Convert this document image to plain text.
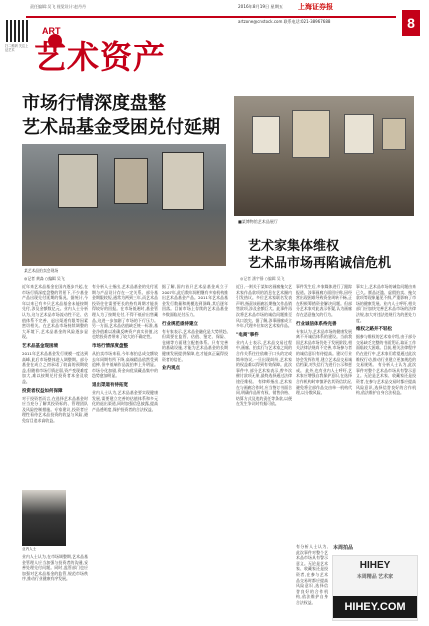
责任编辑:吴飞 视觉设计:赵丹丹	2016年8月19日 星期五 上海证券报
8
artzone@cnstock.com 联系电话:021-38967688
扫二维码 关注上证艺术
ART
艺术资产
市场行情深度盘整
艺术品基金受困兑付延期
某艺术品拍卖会现场
◎记者 黄淼 ○编辑 吴飞
近年来艺术品基金在国内逐步兴起,在市场行情深度盘整的背景下,不少基金产品出现兑付延期的情况。据统计,今年以来已有多只艺术品基金未能按期兑付,涉及金额数亿元。业内人士分析认为,这与艺术品市场流动性不足、估值体系不完善、退出渠道有限等因素密切相关。在艺术品市场持续调整的大环境下,艺术品基金的风险逐步显现。
艺术品基金现困境
2011年艺术品基金发行规模一度达到高峰,此后市场整体进入调整期。部分基金在成立之初承诺了较高的预期收益,但随着市场行情走弱,资产变现难度加大,难以按期兑付投资者本金及收益。
投资者权益如何保障
对于投资者而言,在选择艺术品基金时应当充分了解其投资标的、管理团队及风险控制措施。专家建议,投资者应理性看待艺术品投资的收益与风险,避免盲目追求高收益。
业内人士
业内人士认为,在市场调整期,艺术品基金管理人应当加强与投资者的沟通,妥善处理兑付问题。同时,监管部门也应加强对艺术品基金的监管,规范市场秩序,推动行业健康有序发展。
有分析人士指出,艺术品基金的兑付延期与产品设计存在一定关系。部分基金期限较短,通常为两到三年,而艺术品投资往往需要更长的持有周期才能获得较好的回报。在市场低迷时,基金管理人为了按期兑付,不得不低价出售藏品,这进一步加剧了市场的下行压力。另一方面,艺术品估值缺乏统一标准,基金净值难以准确反映资产真实价值,这也给投资者带来了较大的不确定性。
市场行情深度盘整
从拍卖市场来看,今年春拍总成交额较去年同期有所下降,高端精品依然受到追捧,但中低端作品流拍率上升明显。市场分化加剧,资金向优质藏品集中的趋势愈加明显。
退出渠道有待拓宽
业内人士认为,艺术品基金要实现健康发展,需要建立完善的估值体系和多元化的退出渠道,同时加强信息披露,提高产品透明度,保护投资者的合法权益。
据了解,国内首只艺术品基金成立于2007年,此后数年间相继有多家机构推出艺术品基金产品。2011年艺术品基金发行数量和规模达到顶峰,其后逐年回落。目前市场上存续的艺术品基金多数面临兑付压力。
行业规范亟待建立
有专家表示,艺术品金融化是大势所趋,但需要在监管、估值、鉴定、保险、仓储等方面建立配套体系。只有完善的基础设施,才能为艺术品基金的长期健康发展提供保障,也才能真正赢得投资者的信任。
业内观点
■某博物馆艺术品展厅
艺术家集体维权
艺术品市场再陷诚信危机
◎记者 潘宇静 ○编辑 吴飞
近日,一则关于某知名画廊拖欠艺术家作品款项的消息在艺术圈内引发热议。多位艺术家联名发表声明,指责该画廊长期拖欠作品销售款项,涉及金额巨大。此事件再次将艺术品市场的诚信问题推至风口浪尖。据了解,涉事画廊成立多年,代理多位知名艺术家作品。
"电商"事件
业内人士表示,艺术品交易过程中,画廊、拍卖行与艺术家之间的合作关系往往依赖于口头约定或简单协议,一旦出现纠纷,艺术家的权益难以得到有效保障。此次事件中,部分艺术家表示,曾多次催讨款项无果,最终选择通过法律途径维权。 有律师指出,艺术家在与画廊合作时,应当签订书面合同,明确作品所有权、销售价格、结算方式及违约责任等条款,以便在发生争议时有据可依。
事件发生后,多家媒体进行了跟踪报道。涉事画廊方面回应称,因经营出现困难导致资金周转不畅,正在积极筹措资金解决问题。但部分艺术家对此表示怀疑,认为画廊存在恶意拖欠的行为。
行业诚信体系待完善
专家认为,艺术品市场的健康发展离不开诚信体系的建设。当前我国艺术品市场仍处于发展阶段,相关法律法规尚不完善,市场参与者的诚信意识有待提高。建议行业协会发挥作用,建立艺术品交易诚信档案,对失信行为进行公示和惩戒。 此外,也有业内人士呼吁,艺术家应增强自我保护意识,在选择合作机构时审慎评估其资信状况,避免将全部作品交由单一机构代理,以分散风险。
事实上,艺术品市场的诚信问题由来已久。赝品泛滥、虚假拍卖、拖欠款项等现象屡见不鲜,严重影响了市场的健康发展。业内人士呼吁,相关部门应加快完善艺术品市场的法律法规,加大对违法违规行为的惩处力度。
维权之路并不轻松
据参与维权的艺术家介绍,由于部分交易缺乏完整的书面凭证,取证工作面临较大困难。目前,相关法律程序仍在进行中,艺术家们希望通过此次维权行动,推动行业建立更加规范的交易规则。 有分析人士认为,此次事件对整个艺术品市场具有警示意义。无论是艺术家、收藏家还是投资者,在参与艺术品交易时都应提高风险意识,选择信誉良好的合作机构,依法维护自身合法权益。
有分析人士认为,此次事件对整个艺术品市场具有警示意义。无论是艺术家、收藏家还是投资者,在参与艺术品交易时都应提高风险意识,选择信誉良好的合作机构,依法维护自身合法权益。
本周拍品
HIHEY
本周精品 艺术家
HIHEY.COM
